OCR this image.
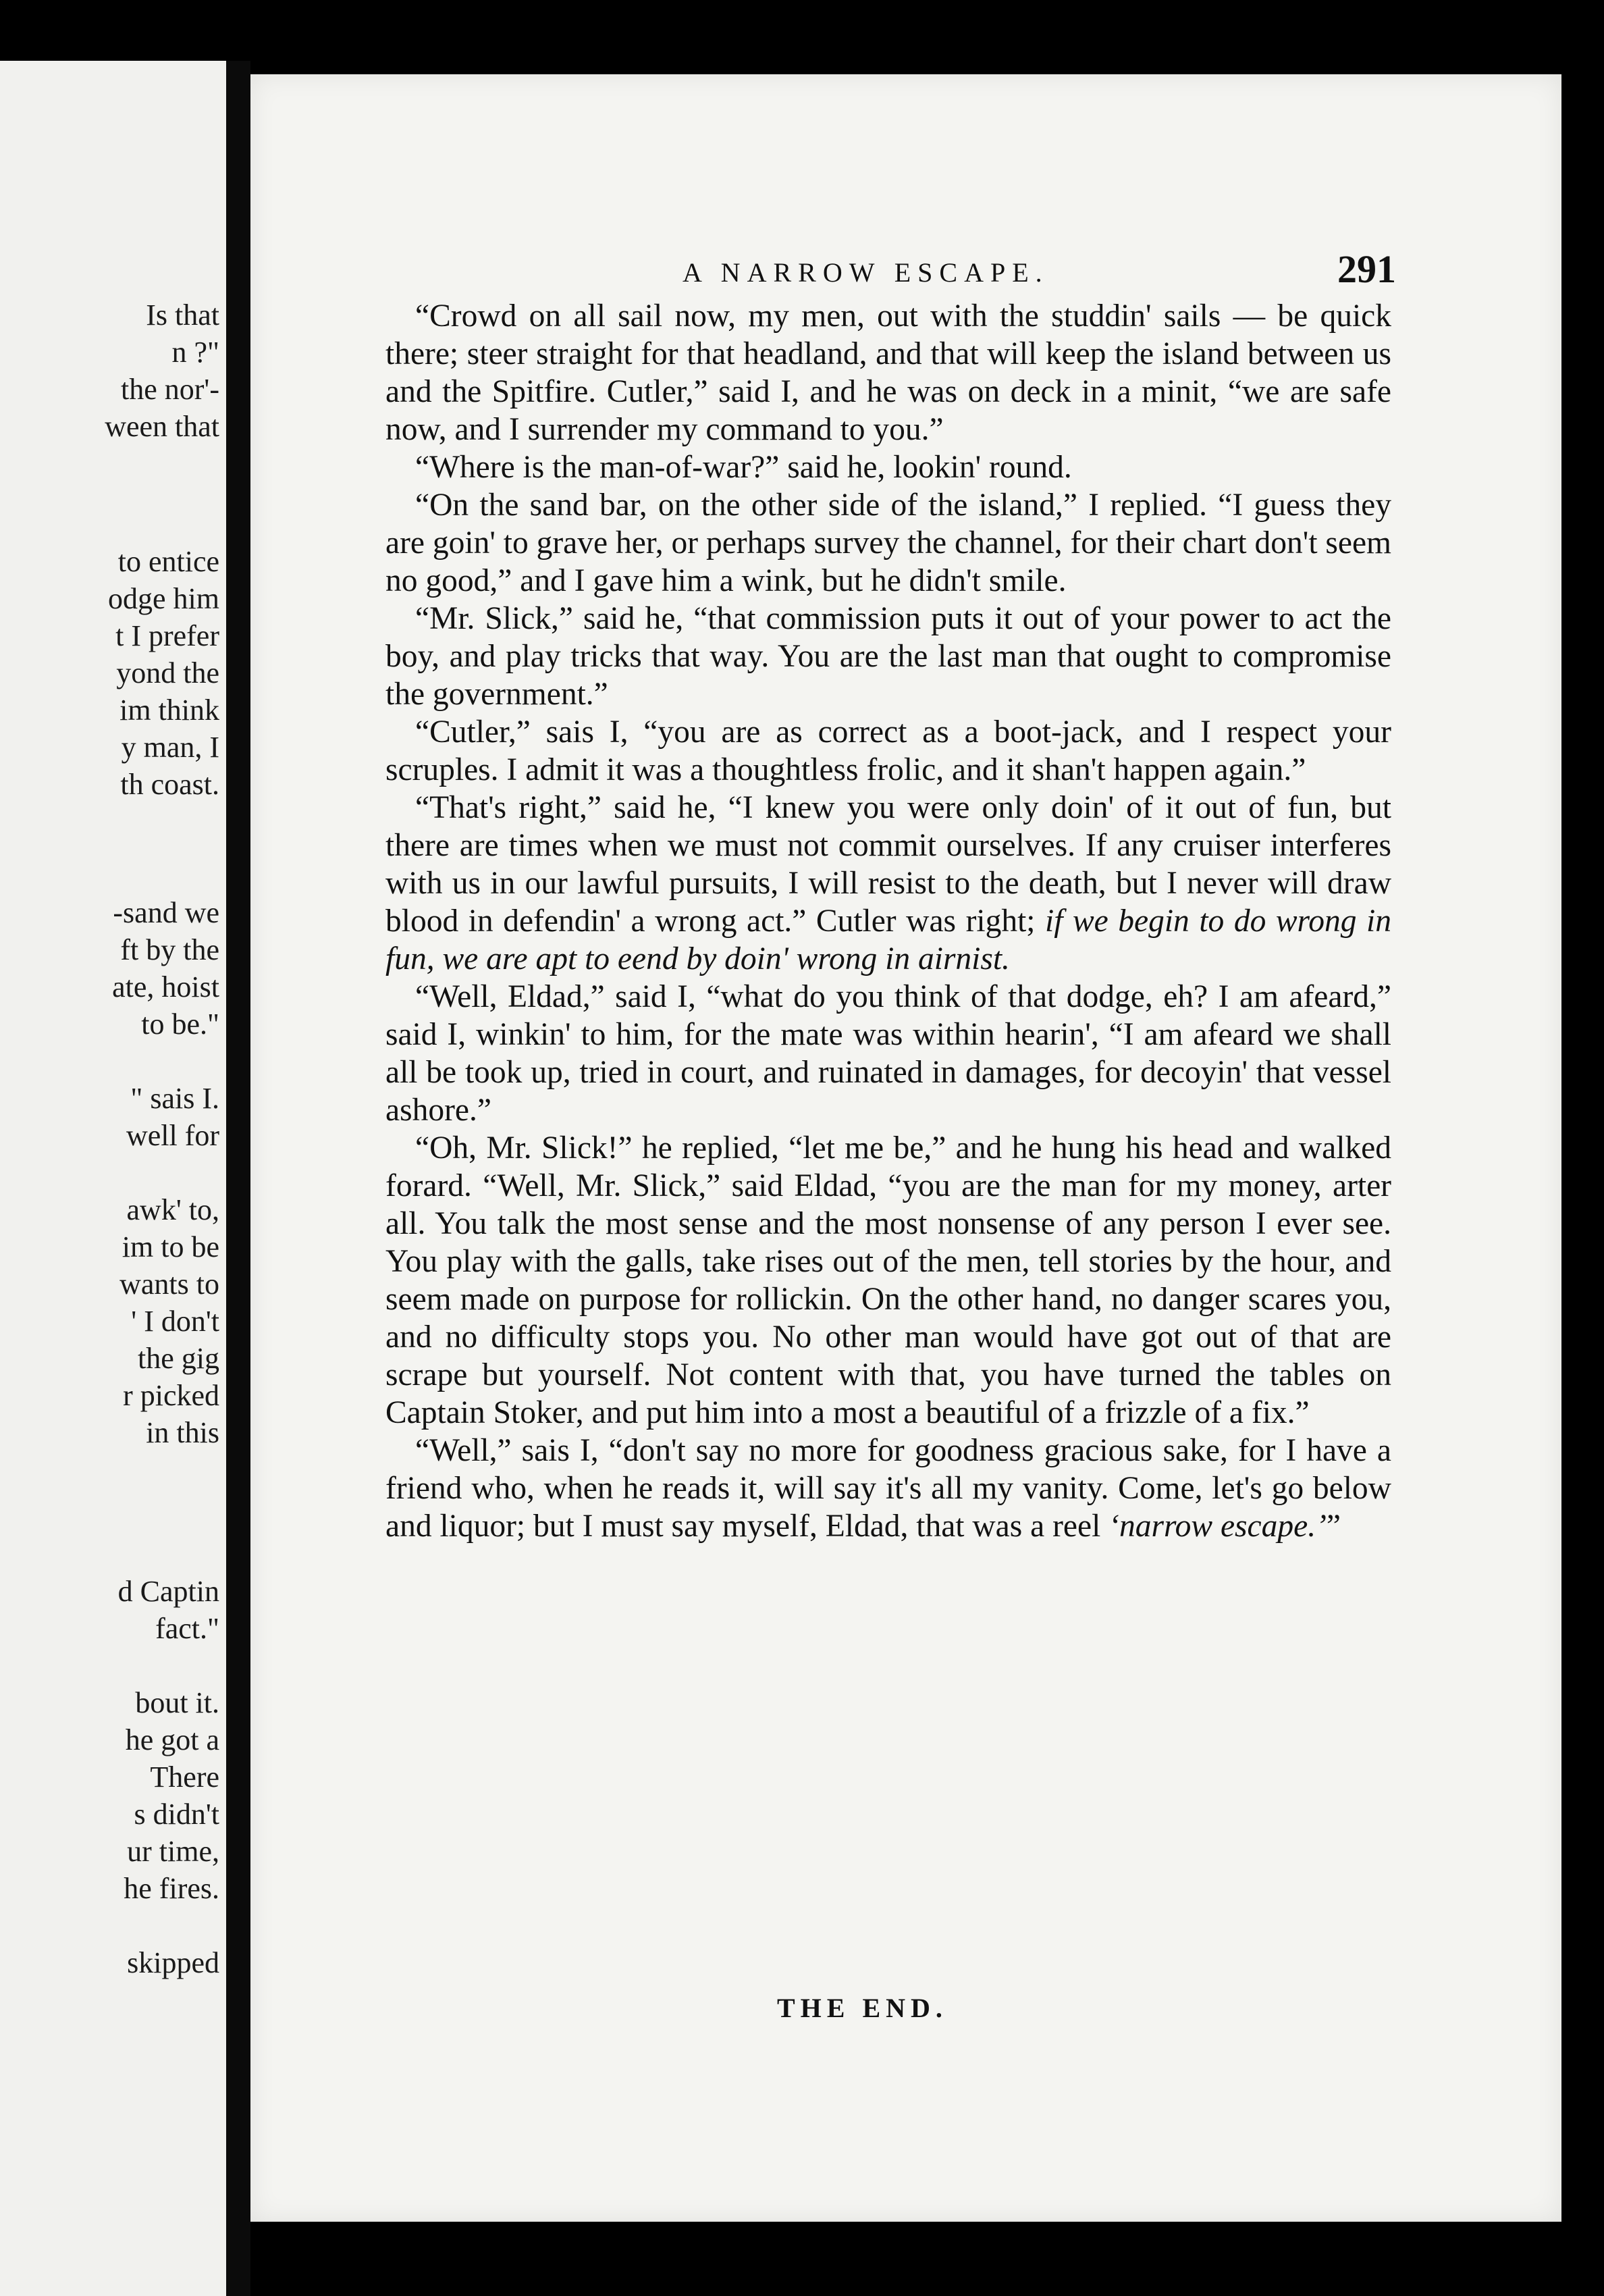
Is that
n ?"
the nor'-
ween that
to entice
odge him
t I prefer
yond the
im think
y man, I
th coast.
-sand we
ft by the
ate, hoist
to be."
" sais I.
well for
awk' to,
im to be
wants to
' I don't
the gig
r picked
in this
d Captin
fact."
bout it.
he got a
There
s didn't
ur time,
he fires.
skipped
A NARROW ESCAPE.	291

“Crowd on all sail now, my men, out with the studdin' sails — be quick there; steer straight for that headland, and that will keep the island between us and the Spitfire. Cutler,” said I, and he was on deck in a minit, “we are safe now, and I surrender my command to you.”

“Where is the man-of-war?” said he, lookin' round.

“On the sand bar, on the other side of the island,” I replied. “I guess they are goin' to grave her, or perhaps survey the channel, for their chart don't seem no good,” and I gave him a wink, but he didn't smile.

“Mr. Slick,” said he, “that commission puts it out of your power to act the boy, and play tricks that way. You are the last man that ought to compromise the government.”

“Cutler,” sais I, “you are as correct as a boot-jack, and I respect your scruples. I admit it was a thoughtless frolic, and it shan't happen again.”

“That's right,” said he, “I knew you were only doin' of it out of fun, but there are times when we must not commit ourselves. If any cruiser interferes with us in our lawful pursuits, I will resist to the death, but I never will draw blood in defendin' a wrong act.” Cutler was right; if we begin to do wrong in fun, we are apt to eend by doin' wrong in airnist.

“Well, Eldad,” said I, “what do you think of that dodge, eh? I am afeard,” said I, winkin' to him, for the mate was within hearin', “I am afeard we shall all be took up, tried in court, and ruinated in damages, for decoyin' that vessel ashore.”

“Oh, Mr. Slick!” he replied, “let me be,” and he hung his head and walked forard. “Well, Mr. Slick,” said Eldad, “you are the man for my money, arter all. You talk the most sense and the most nonsense of any person I ever see. You play with the galls, take rises out of the men, tell stories by the hour, and seem made on purpose for rollickin. On the other hand, no danger scares you, and no difficulty stops you. No other man would have got out of that are scrape but yourself. Not content with that, you have turned the tables on Captain Stoker, and put him into a most a beautiful of a frizzle of a fix.”

“Well,” sais I, “don't say no more for goodness gracious sake, for I have a friend who, when he reads it, will say it's all my vanity. Come, let's go below and liquor; but I must say myself, Eldad, that was a reel ‘narrow escape.’”

THE END.
